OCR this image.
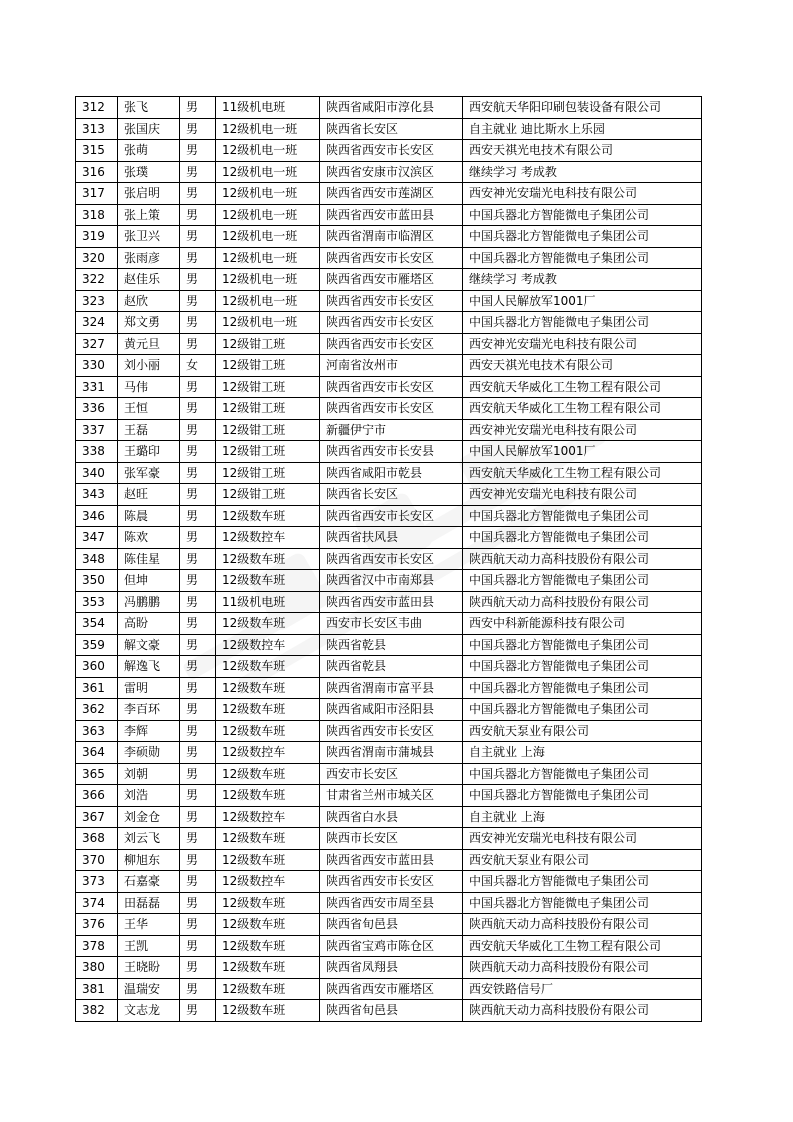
312	张飞	男	11级机电班	陕西省咸阳市淳化县	西安航天华阳印刷包装设备有限公司
313	张国庆	男	12级机电一班	陕西省长安区	自主就业 迪比斯水上乐园
315	张萌	男	12级机电一班	陕西省西安市长安区	西安天祺光电技术有限公司
316	张璞	男	12级机电一班	陕西省安康市汉滨区	继续学习 考成教
317	张启明	男	12级机电一班	陕西省西安市莲湖区	西安神光安瑞光电科技有限公司
318	张上策	男	12级机电一班	陕西省西安市蓝田县	中国兵器北方智能微电子集团公司
319	张卫兴	男	12级机电一班	陕西省渭南市临渭区	中国兵器北方智能微电子集团公司
320	张雨彦	男	12级机电一班	陕西省西安市长安区	中国兵器北方智能微电子集团公司
322	赵佳乐	男	12级机电一班	陕西省西安市雁塔区	继续学习 考成教
323	赵欣	男	12级机电一班	陕西省西安市长安区	中国人民解放军1001厂
324	郑文勇	男	12级机电一班	陕西省西安市长安区	中国兵器北方智能微电子集团公司
327	黄元旦	男	12级钳工班	陕西省西安市长安区	西安神光安瑞光电科技有限公司
330	刘小丽	女	12级钳工班	河南省汝州市	西安天祺光电技术有限公司
331	马伟	男	12级钳工班	陕西省西安市长安区	西安航天华威化工生物工程有限公司
336	王恒	男	12级钳工班	陕西省西安市长安区	西安航天华威化工生物工程有限公司
337	王磊	男	12级钳工班	新疆伊宁市	西安神光安瑞光电科技有限公司
338	王璐印	男	12级钳工班	陕西省西安市长安县	中国人民解放军1001厂
340	张军豪	男	12级钳工班	陕西省咸阳市乾县	西安航天华威化工生物工程有限公司
343	赵旺	男	12级钳工班	陕西省长安区	西安神光安瑞光电科技有限公司
346	陈晨	男	12级数车班	陕西省西安市长安区	中国兵器北方智能微电子集团公司
347	陈欢	男	12级数控车	陕西省扶风县	中国兵器北方智能微电子集团公司
348	陈佳星	男	12级数车班	陕西省西安市长安区	陕西航天动力高科技股份有限公司
350	但坤	男	12级数车班	陕西省汉中市南郑县	中国兵器北方智能微电子集团公司
353	冯鹏鹏	男	11级机电班	陕西省西安市蓝田县	陕西航天动力高科技股份有限公司
354	高盼	男	12级数车班	西安市长安区韦曲	西安中科新能源科技有限公司
359	解文豪	男	12级数控车	陕西省乾县	中国兵器北方智能微电子集团公司
360	解逸飞	男	12级数车班	陕西省乾县	中国兵器北方智能微电子集团公司
361	雷明	男	12级数车班	陕西省渭南市富平县	中国兵器北方智能微电子集团公司
362	李百环	男	12级数车班	陕西省咸阳市泾阳县	中国兵器北方智能微电子集团公司
363	李辉	男	12级数车班	陕西省西安市长安区	西安航天泵业有限公司
364	李硕勋	男	12级数控车	陕西省渭南市蒲城县	自主就业 上海
365	刘朝	男	12级数车班	西安市长安区	中国兵器北方智能微电子集团公司
366	刘浩	男	12级数车班	甘肃省兰州市城关区	中国兵器北方智能微电子集团公司
367	刘金仓	男	12级数控车	陕西省白水县	自主就业 上海
368	刘云飞	男	12级数车班	陕西市长安区	西安神光安瑞光电科技有限公司
370	柳旭东	男	12级数车班	陕西省西安市蓝田县	西安航天泵业有限公司
373	石嘉豪	男	12级数控车	陕西省西安市长安区	中国兵器北方智能微电子集团公司
374	田磊磊	男	12级数车班	陕西省西安市周至县	中国兵器北方智能微电子集团公司
376	王华	男	12级数车班	陕西省旬邑县	陕西航天动力高科技股份有限公司
378	王凯	男	12级数车班	陕西省宝鸡市陈仓区	西安航天华威化工生物工程有限公司
380	王晓盼	男	12级数车班	陕西省凤翔县	陕西航天动力高科技股份有限公司
381	温瑞安	男	12级数车班	陕西省西安市雁塔区	西安铁路信号厂
382	文志龙	男	12级数车班	陕西省旬邑县	陕西航天动力高科技股份有限公司
